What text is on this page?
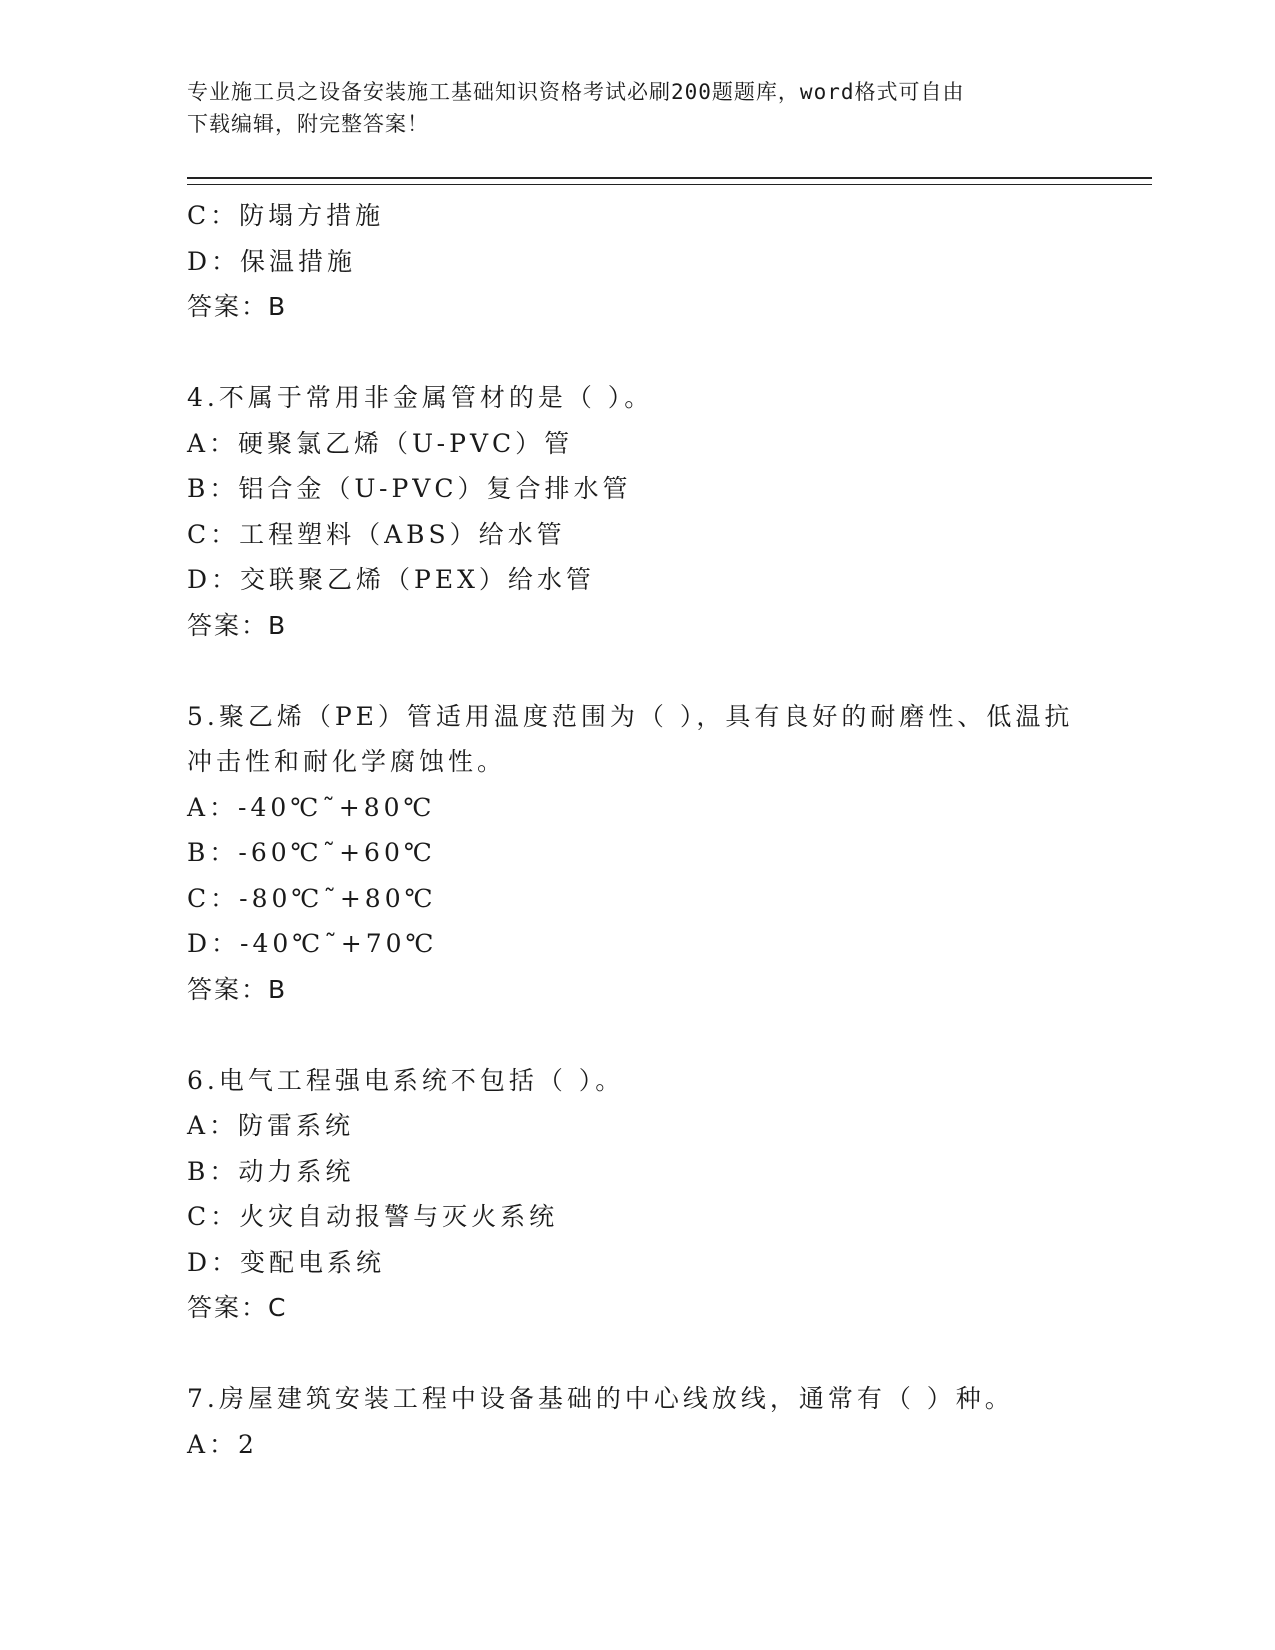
专业施工员之设备安装施工基础知识资格考试必刷200题题库，word格式可自由
下载编辑，附完整答案！
C：防塌方措施
D：保温措施
答案：B
4.不属于常用非金属管材的是（ ）。
A：硬聚氯乙烯（U-PVC）管
B：铝合金（U-PVC）复合排水管
C：工程塑料（ABS）给水管
D：交联聚乙烯（PEX）给水管
答案：B
5.聚乙烯（PE）管适用温度范围为（ ），具有良好的耐磨性、低温抗
冲击性和耐化学腐蚀性。
A：-40℃˜+80℃
B：-60℃˜+60℃
C：-80℃˜+80℃
D：-40℃˜+70℃
答案：B
6.电气工程强电系统不包括（ ）。
A：防雷系统
B：动力系统
C：火灾自动报警与灭火系统
D：变配电系统
答案：C
7.房屋建筑安装工程中设备基础的中心线放线，通常有（ ）种。
A：2
